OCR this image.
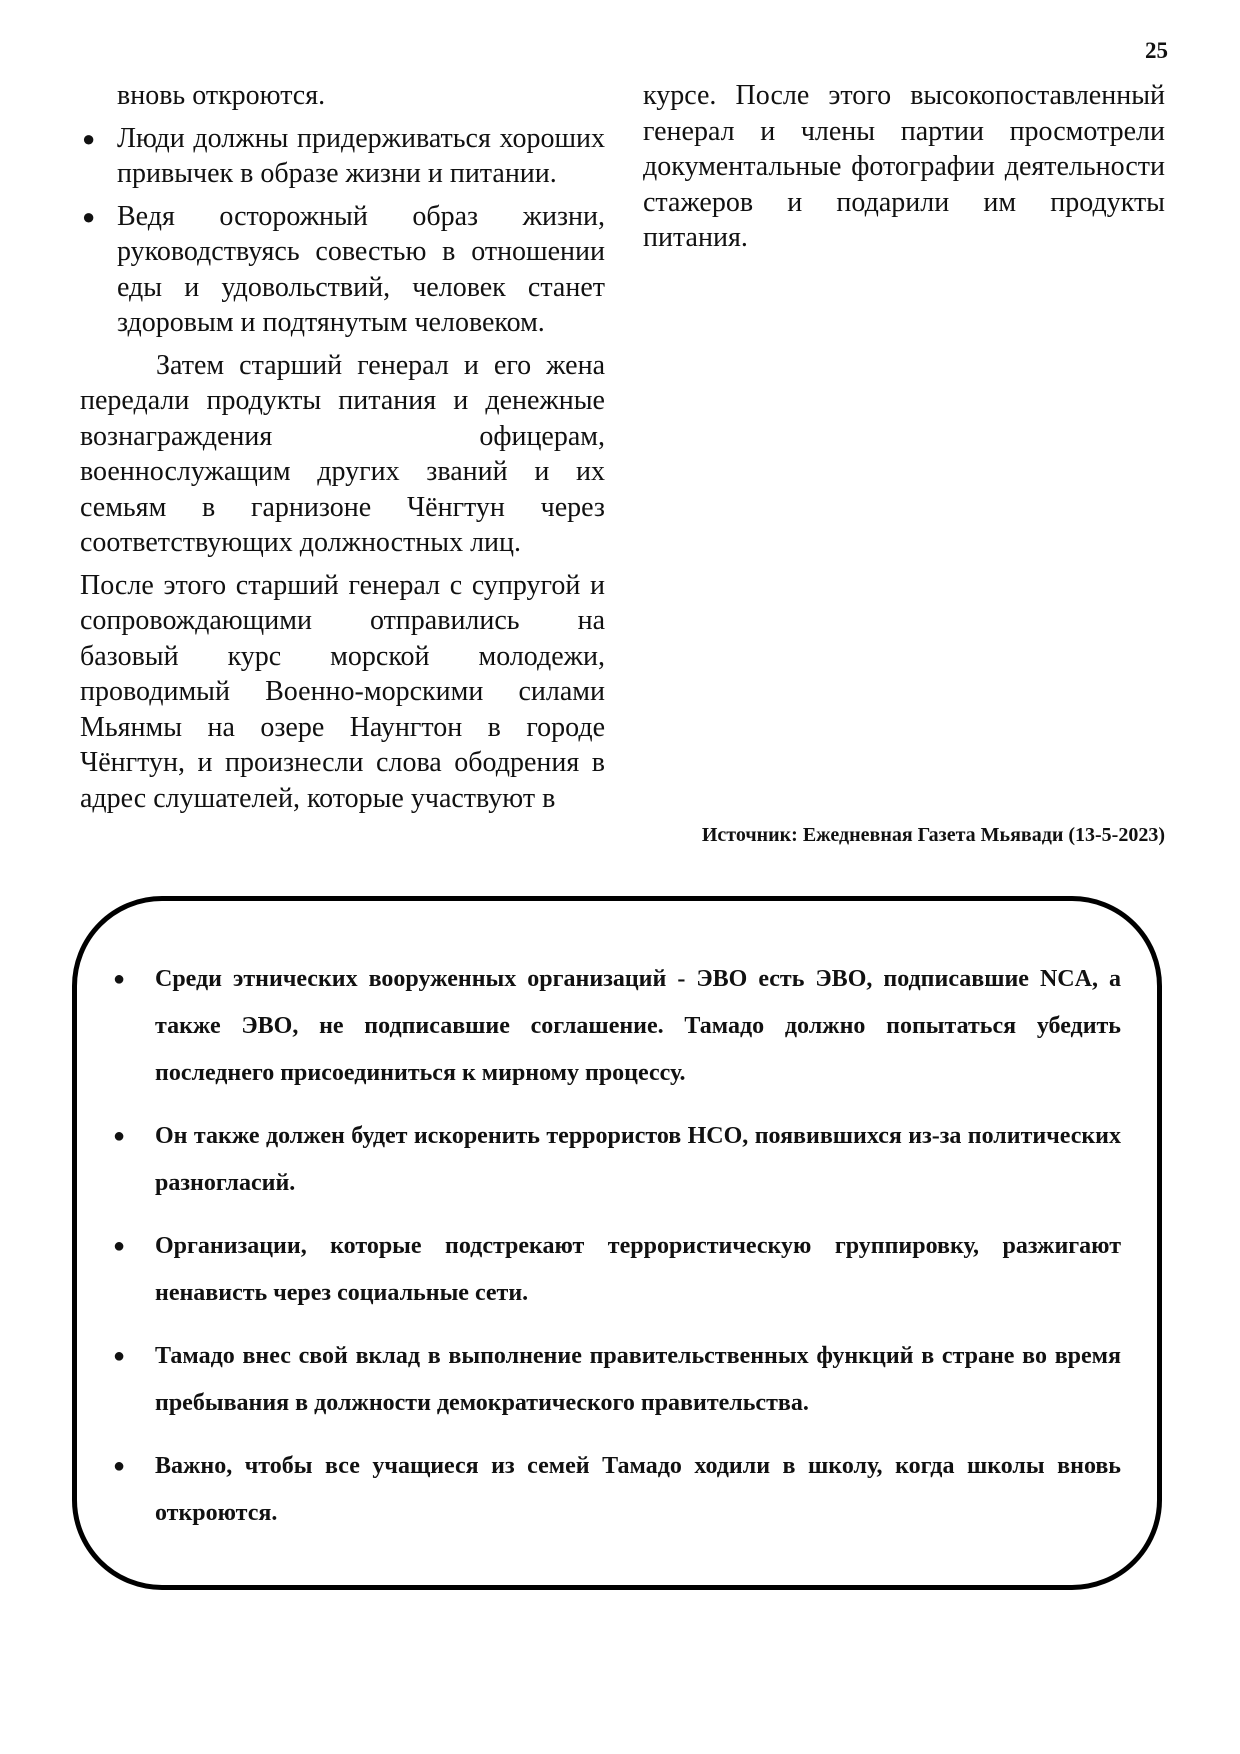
25

вновь откроются.

● Люди должны придерживаться хороших привычек в образе жизни и питании.
● Ведя осторожный образ жизни, руководствуясь совестью в отношении еды и удовольствий, человек станет здоровым и подтянутым человеком.

Затем старший генерал и его жена передали продукты питания и денежные вознаграждения офицерам, военнослужащим других званий и их семьям в гарнизоне Чёнгтун через соответствующих должностных лиц.

После этого старший генерал с супругой и сопровождающими отправились на базовый курс морской молодежи, проводимый Военно-морскими силами Мьянмы на озере Наунгтон в городе Чёнгтун, и произнесли слова ободрения в адрес слушателей, которые участвуют в

курсе. После этого высокопоставленный генерал и члены партии просмотрели документальные фотографии деятельности стажеров и подарили им продукты питания.

Источник: Ежедневная Газета Мьявади (13-5-2023)
● Среди этнических вооруженных организаций - ЭВО есть ЭВО, подписавшие NCA, а также ЭВО, не подписавшие соглашение. Тамадо должно попытаться убедить последнего присоединиться к мирному процессу.
● Он также должен будет искоренить террористов НСО, появившихся из-за политических разногласий.
● Организации, которые подстрекают террористическую группировку, разжигают ненависть через социальные сети.
● Тамадо внес свой вклад в выполнение правительственных функций в стране во время пребывания в должности демократического правительства.
● Важно, чтобы все учащиеся из семей Тамадо ходили в школу, когда школы вновь откроются.
